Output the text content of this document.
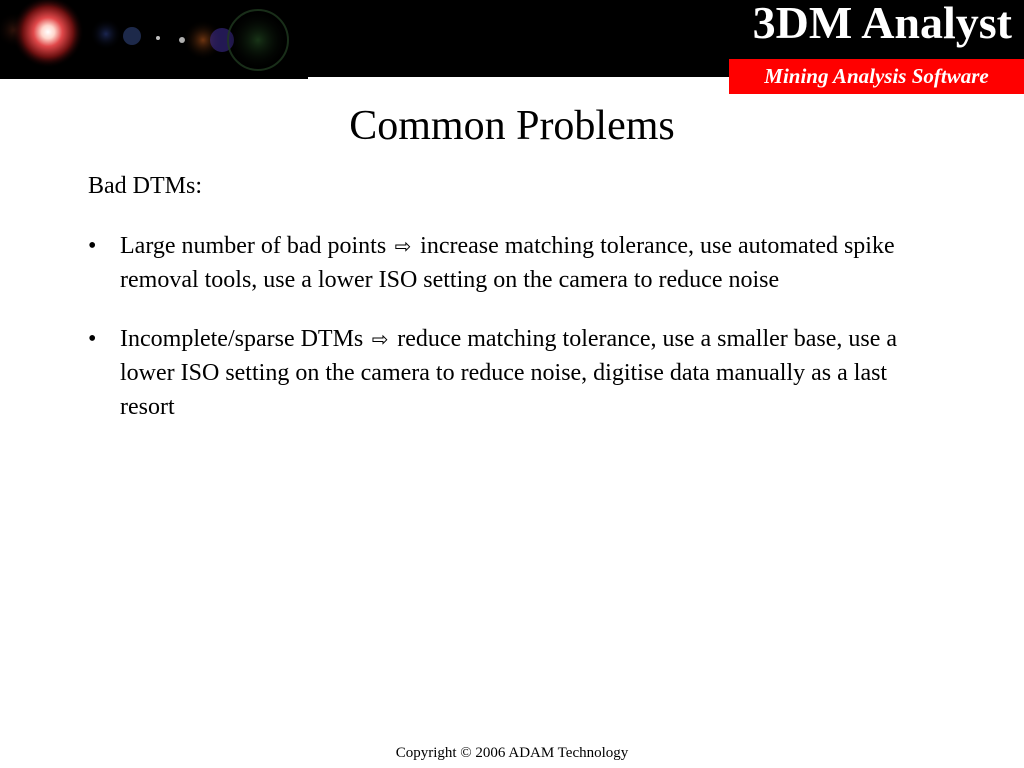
3DM Analyst
Mining Analysis Software
Common Problems
Bad DTMs:
• Large number of bad points ⇨ increase matching tolerance, use automated spike removal tools, use a lower ISO setting on the camera to reduce noise
• Incomplete/sparse DTMs ⇨ reduce matching tolerance, use a smaller base, use a lower ISO setting on the camera to reduce noise, digitise data manually as a last resort
Copyright © 2006 ADAM Technology
